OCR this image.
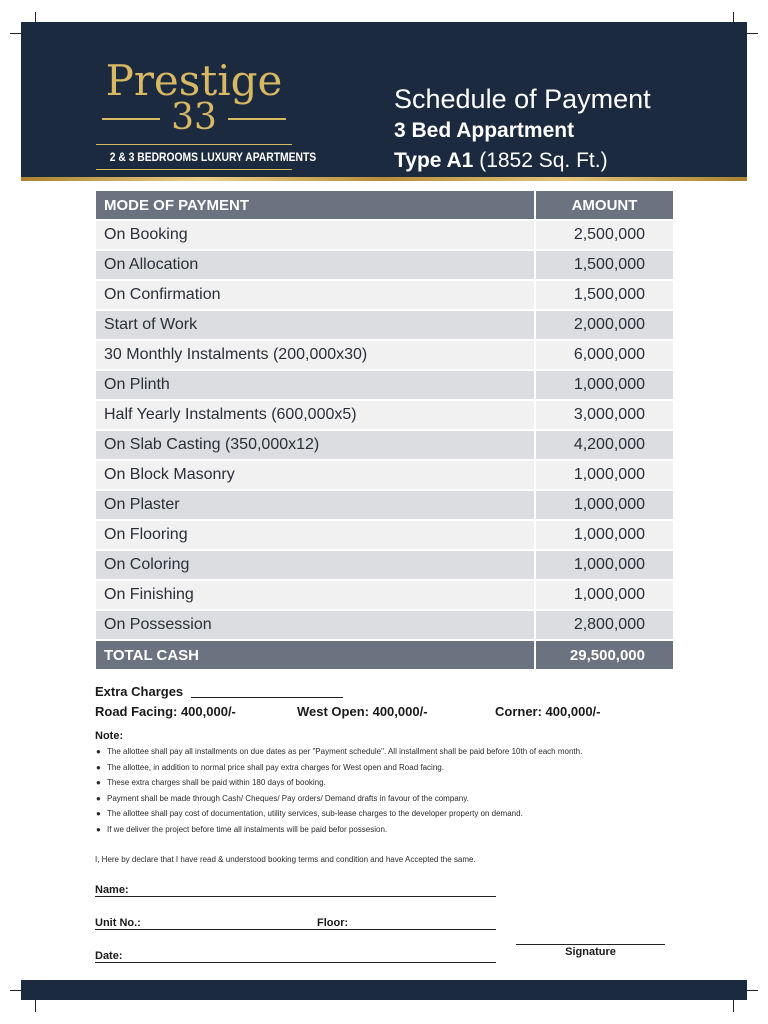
Prestige
33
2 & 3 BEDROOMS LUXURY APARTMENTS
Schedule of Payment
3 Bed Appartment
Type A1 (1852 Sq. Ft.)
MODE OF PAYMENT	AMOUNT
On Booking	2,500,000
On Allocation	1,500,000
On Confirmation	1,500,000
Start of Work	2,000,000
30 Monthly Instalments (200,000x30)	6,000,000
On Plinth	1,000,000
Half Yearly Instalments (600,000x5)	3,000,000
On Slab Casting (350,000x12)	4,200,000
On Block Masonry	1,000,000
On Plaster	1,000,000
On Flooring	1,000,000
On Coloring	1,000,000
On Finishing	1,000,000
On Possession	2,800,000
TOTAL CASH	29,500,000
Extra Charges
Road Facing: 400,000/-	West Open: 400,000/-	Corner: 400,000/-
Note:
● The allottee shall pay all installments on due dates as per "Payment schedule". All installment shall be paid before 10th of each month.
● The allottee, in addition to normal price shall pay extra charges for West open and Road facing.
● These extra charges shall be paid within 180 days of booking.
● Payment shall be made through Cash/ Cheques/ Pay orders/ Demand drafts in favour of the company.
● The allottee shall pay cost of documentation, utility services, sub-lease charges to the developer property on demand.
● If we deliver the project before time all instalments will be paid befor possesion.
I, Here by declare that I have read & understood booking terms and condition and have Accepted the same.
Name:
Unit No.:	Floor:
Date:	Signature
